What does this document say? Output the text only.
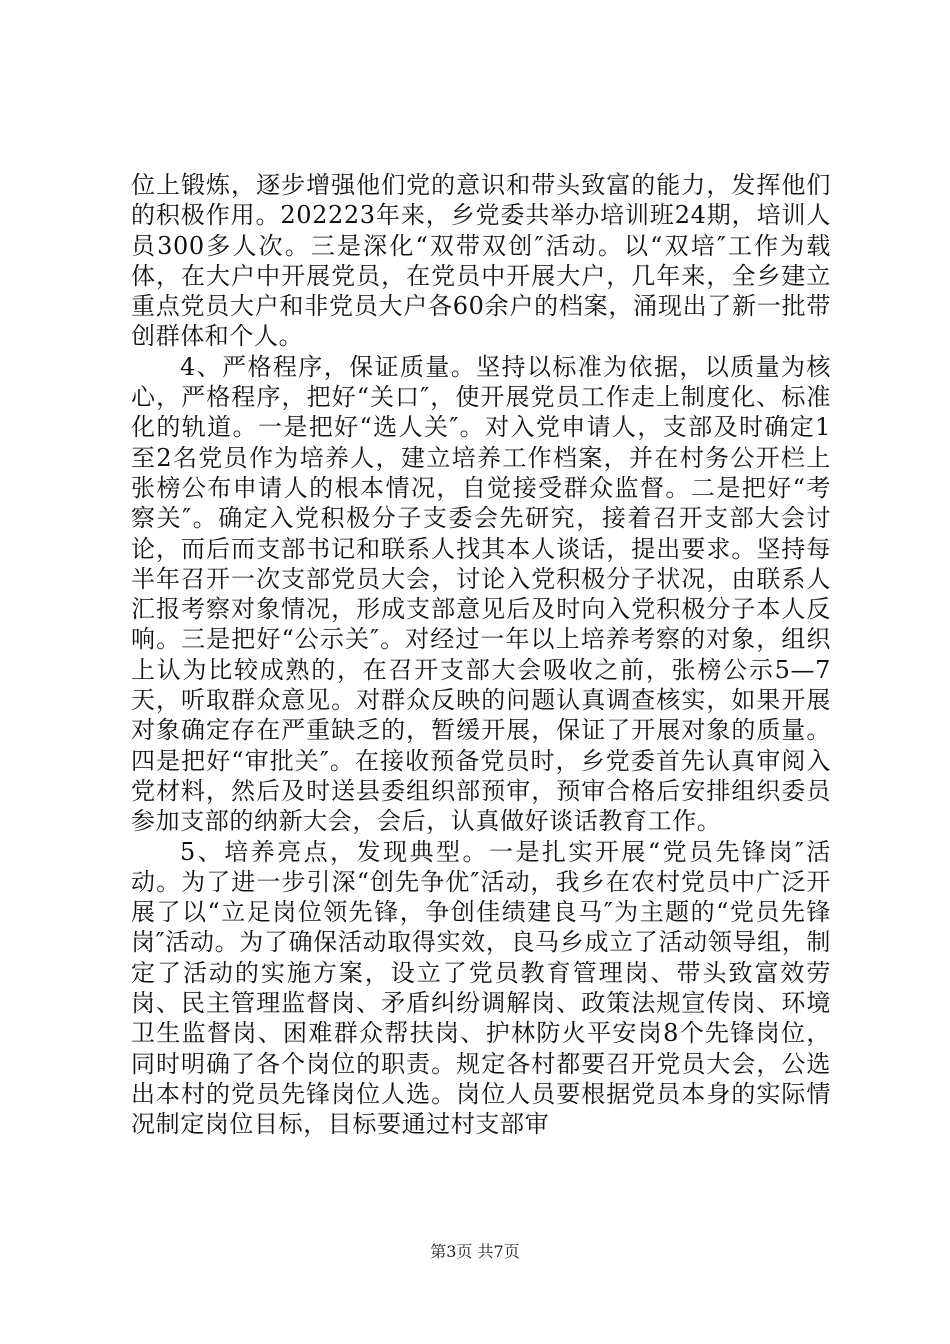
位上锻炼，逐步增强他们党的意识和带头致富的能力，发挥他们的积极作用。202223年来，乡党委共举办培训班24期，培训人员300多人次。三是深化“双带双创″活动。以“双培″工作为载体，在大户中开展党员，在党员中开展大户，几年来，全乡建立重点党员大户和非党员大户各60余户的档案，涌现出了新一批带创群体和个人。

4、严格程序，保证质量。坚持以标准为依据，以质量为核心，严格程序，把好“关口″，使开展党员工作走上制度化、标准化的轨道。一是把好“选人关″。对入党申请人，支部及时确定1至2名党员作为培养人，建立培养工作档案，并在村务公开栏上张榜公布申请人的根本情况，自觉接受群众监督。二是把好“考察关″。确定入党积极分子支委会先研究，接着召开支部大会讨论，而后而支部书记和联系人找其本人谈话，提出要求。坚持每半年召开一次支部党员大会，讨论入党积极分子状况，由联系人汇报考察对象情况，形成支部意见后及时向入党积极分子本人反响。三是把好“公示关″。对经过一年以上培养考察的对象，组织上认为比较成熟的，在召开支部大会吸收之前，张榜公示5—7天，听取群众意见。对群众反映的问题认真调查核实，如果开展对象确定存在严重缺乏的，暂缓开展，保证了开展对象的质量。四是把好“审批关″。在接收预备党员时，乡党委首先认真审阅入党材料，然后及时送县委组织部预审，预审合格后安排组织委员参加支部的纳新大会，会后，认真做好谈话教育工作。

5、培养亮点，发现典型。一是扎实开展“党员先锋岗″活动。为了进一步引深“创先争优″活动，我乡在农村党员中广泛开展了以“立足岗位领先锋，争创佳绩建良马″为主题的“党员先锋岗″活动。为了确保活动取得实效，良马乡成立了活动领导组，制定了活动的实施方案，设立了党员教育管理岗、带头致富效劳岗、民主管理监督岗、矛盾纠纷调解岗、政策法规宣传岗、环境卫生监督岗、困难群众帮扶岗、护林防火平安岗8个先锋岗位，同时明确了各个岗位的职责。规定各村都要召开党员大会，公选出本村的党员先锋岗位人选。岗位人员要根据党员本身的实际情况制定岗位目标，目标要通过村支部审

第3页 共7页
